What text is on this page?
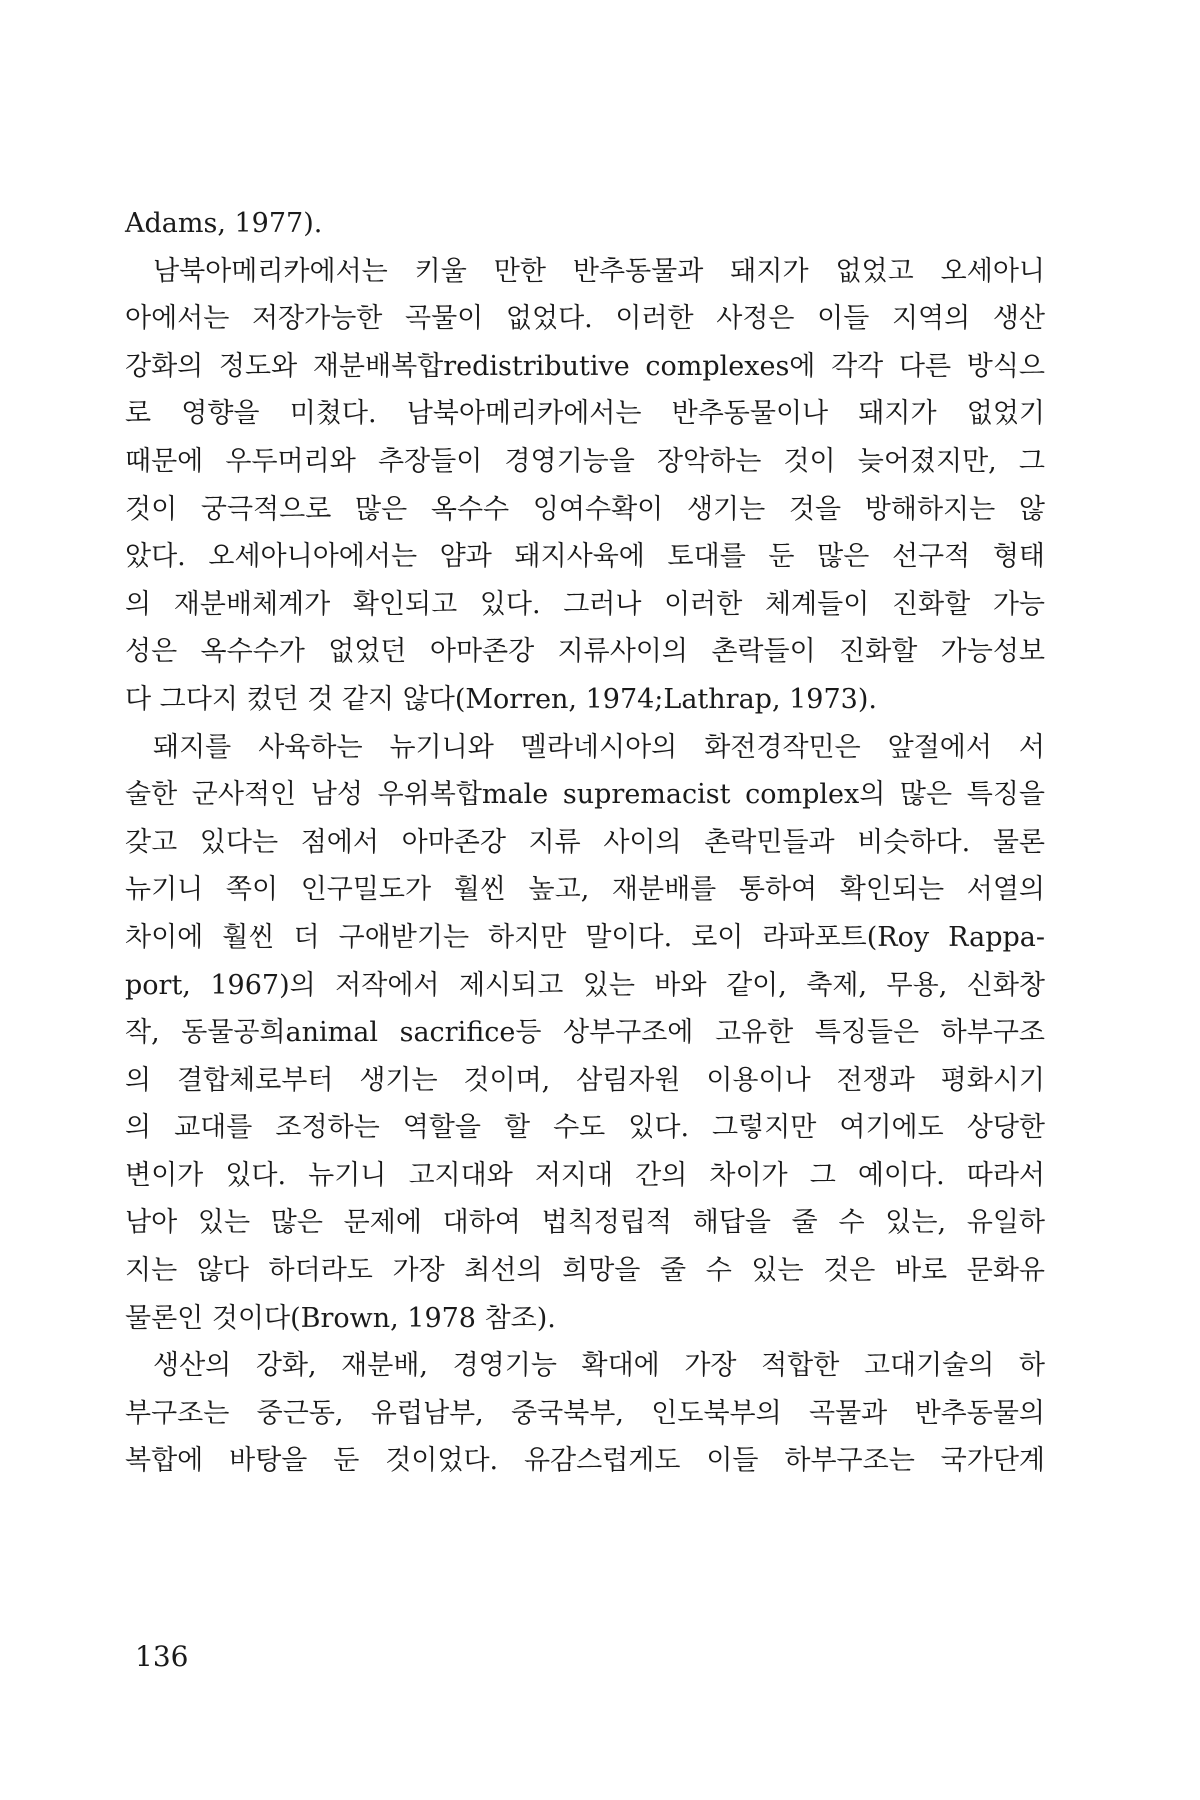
Adams, 1977).
남북아메리카에서는 키울 만한 반추동물과 돼지가 없었고 오세아니
아에서는 저장가능한 곡물이 없었다. 이러한 사정은 이들 지역의 생산
강화의 정도와 재분배복합redistributive complexes에 각각 다른 방식으
로 영향을 미쳤다. 남북아메리카에서는 반추동물이나 돼지가 없었기
때문에 우두머리와 추장들이 경영기능을 장악하는 것이 늦어졌지만, 그
것이 궁극적으로 많은 옥수수 잉여수확이 생기는 것을 방해하지는 않
았다. 오세아니아에서는 얌과 돼지사육에 토대를 둔 많은 선구적 형태
의 재분배체계가 확인되고 있다. 그러나 이러한 체계들이 진화할 가능
성은 옥수수가 없었던 아마존강 지류사이의 촌락들이 진화할 가능성보
다 그다지 컸던 것 같지 않다(Morren, 1974;Lathrap, 1973).
돼지를 사육하는 뉴기니와 멜라네시아의 화전경작민은 앞절에서 서
술한 군사적인 남성 우위복합male supremacist complex의 많은 특징을
갖고 있다는 점에서 아마존강 지류 사이의 촌락민들과 비슷하다. 물론
뉴기니 쪽이 인구밀도가 훨씬 높고, 재분배를 통하여 확인되는 서열의
차이에 훨씬 더 구애받기는 하지만 말이다. 로이 라파포트(Roy Rappa-
port, 1967)의 저작에서 제시되고 있는 바와 같이, 축제, 무용, 신화창
작, 동물공희animal sacrifice등 상부구조에 고유한 특징들은 하부구조
의 결합체로부터 생기는 것이며, 삼림자원 이용이나 전쟁과 평화시기
의 교대를 조정하는 역할을 할 수도 있다. 그렇지만 여기에도 상당한
변이가 있다. 뉴기니 고지대와 저지대 간의 차이가 그 예이다. 따라서
남아 있는 많은 문제에 대하여 법칙정립적 해답을 줄 수 있는, 유일하
지는 않다 하더라도 가장 최선의 희망을 줄 수 있는 것은 바로 문화유
물론인 것이다(Brown, 1978 참조).
생산의 강화, 재분배, 경영기능 확대에 가장 적합한 고대기술의 하
부구조는 중근동, 유럽남부, 중국북부, 인도북부의 곡물과 반추동물의
복합에 바탕을 둔 것이었다. 유감스럽게도 이들 하부구조는 국가단계
136
